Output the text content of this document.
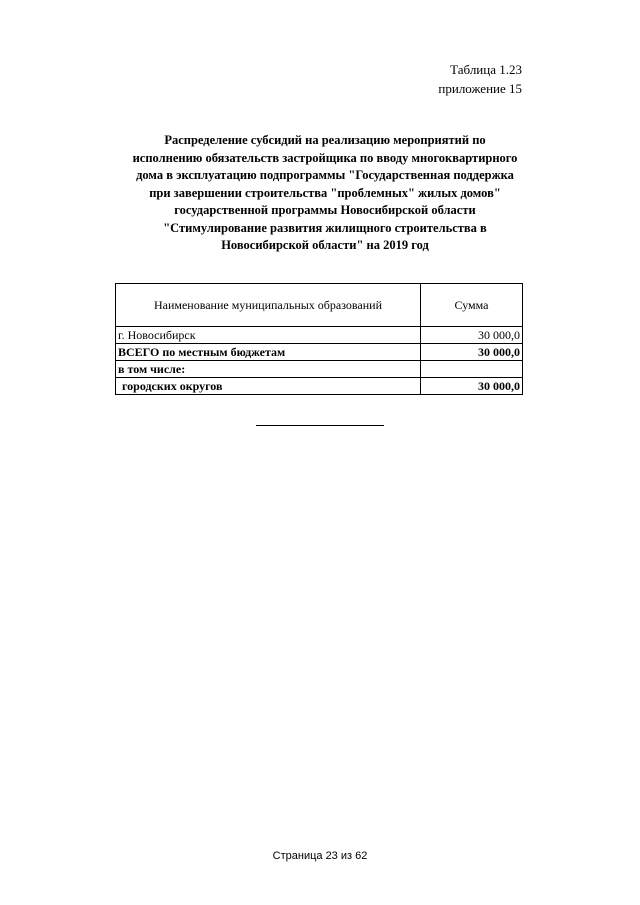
Таблица 1.23
приложение 15
Распределение субсидий на реализацию мероприятий по
исполнению обязательств застройщика по вводу многоквартирного
дома в эксплуатацию подпрограммы "Государственная поддержка
при завершении строительства "проблемных" жилых домов"
государственной программы Новосибирской области
"Стимулирование развития жилищного строительства в
Новосибирской области" на 2019 год
Наименование муниципальных образований	Сумма
г. Новосибирск	30 000,0
ВСЕГО по местным бюджетам	30 000,0
в том числе:	
городских округов	30 000,0
Страница 23 из 62
